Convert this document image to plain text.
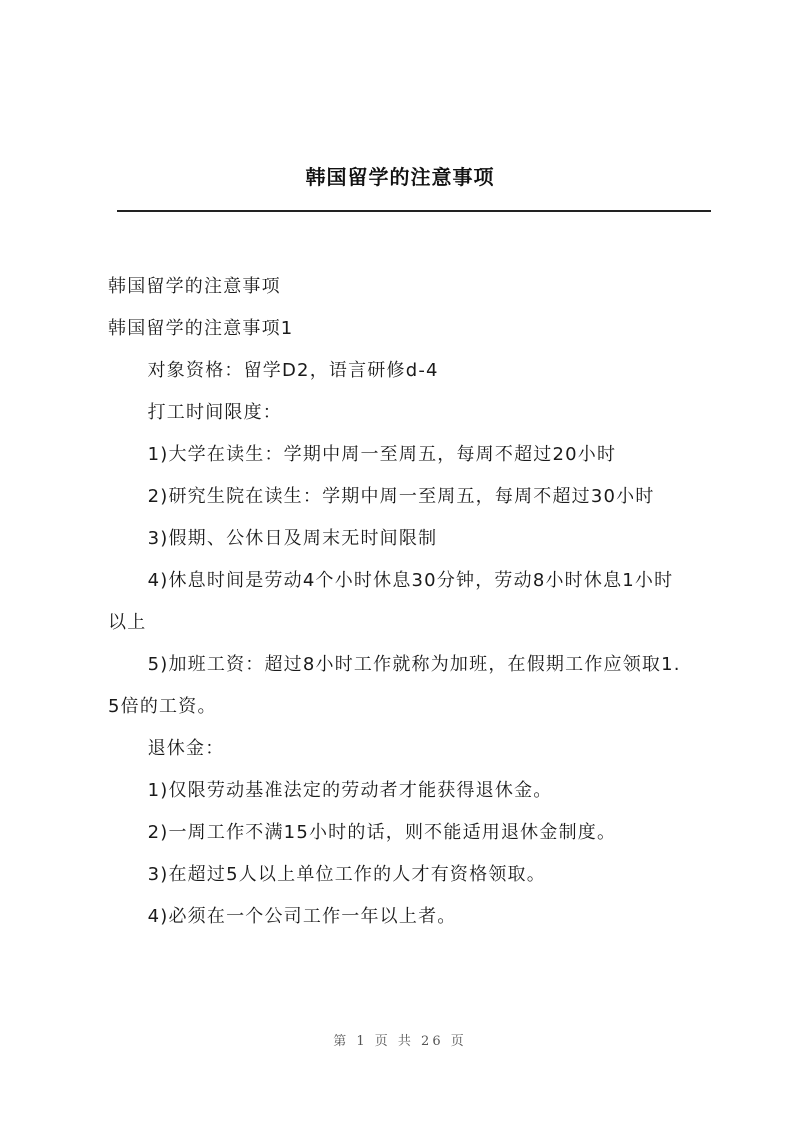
韩国留学的注意事项

韩国留学的注意事项

韩国留学的注意事项1

对象资格：留学D2，语言研修d-4

打工时间限度：

1)大学在读生：学期中周一至周五，每周不超过20小时

2)研究生院在读生：学期中周一至周五，每周不超过30小时

3)假期、公休日及周末无时间限制

4)休息时间是劳动4个小时休息30分钟，劳动8小时休息1小时以上

5)加班工资：超过8小时工作就称为加班，在假期工作应领取1.5倍的工资。

退休金：

1)仅限劳动基准法定的劳动者才能获得退休金。

2)一周工作不满15小时的话，则不能适用退休金制度。

3)在超过5人以上单位工作的人才有资格领取。

4)必须在一个公司工作一年以上者。

第 1 页 共 26 页
